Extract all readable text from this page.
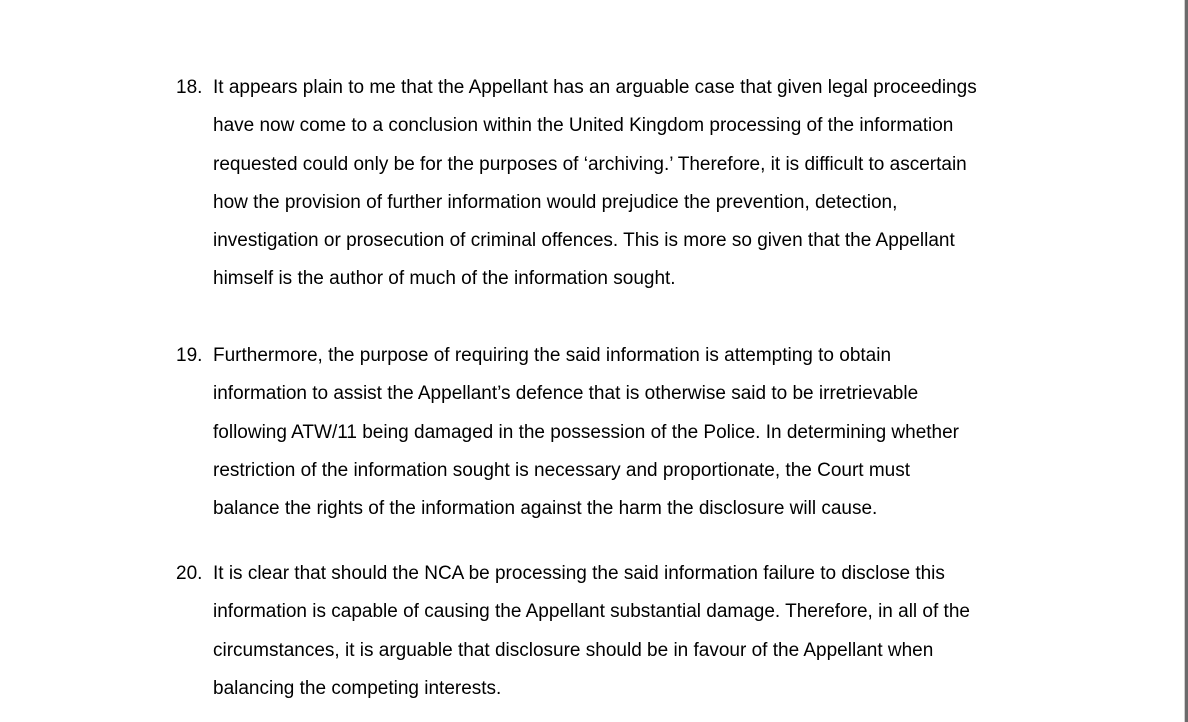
18. It appears plain to me that the Appellant has an arguable case that given legal proceedings
have now come to a conclusion within the United Kingdom processing of the information
requested could only be for the purposes of ‘archiving.’ Therefore, it is difficult to ascertain
how the provision of further information would prejudice the prevention, detection,
investigation or prosecution of criminal offences. This is more so given that the Appellant
himself is the author of much of the information sought.
19. Furthermore, the purpose of requiring the said information is attempting to obtain
information to assist the Appellant’s defence that is otherwise said to be irretrievable
following ATW/11 being damaged in the possession of the Police. In determining whether
restriction of the information sought is necessary and proportionate, the Court must
balance the rights of the information against the harm the disclosure will cause.
20. It is clear that should the NCA be processing the said information failure to disclose this
information is capable of causing the Appellant substantial damage. Therefore, in all of the
circumstances, it is arguable that disclosure should be in favour of the Appellant when
balancing the competing interests.
